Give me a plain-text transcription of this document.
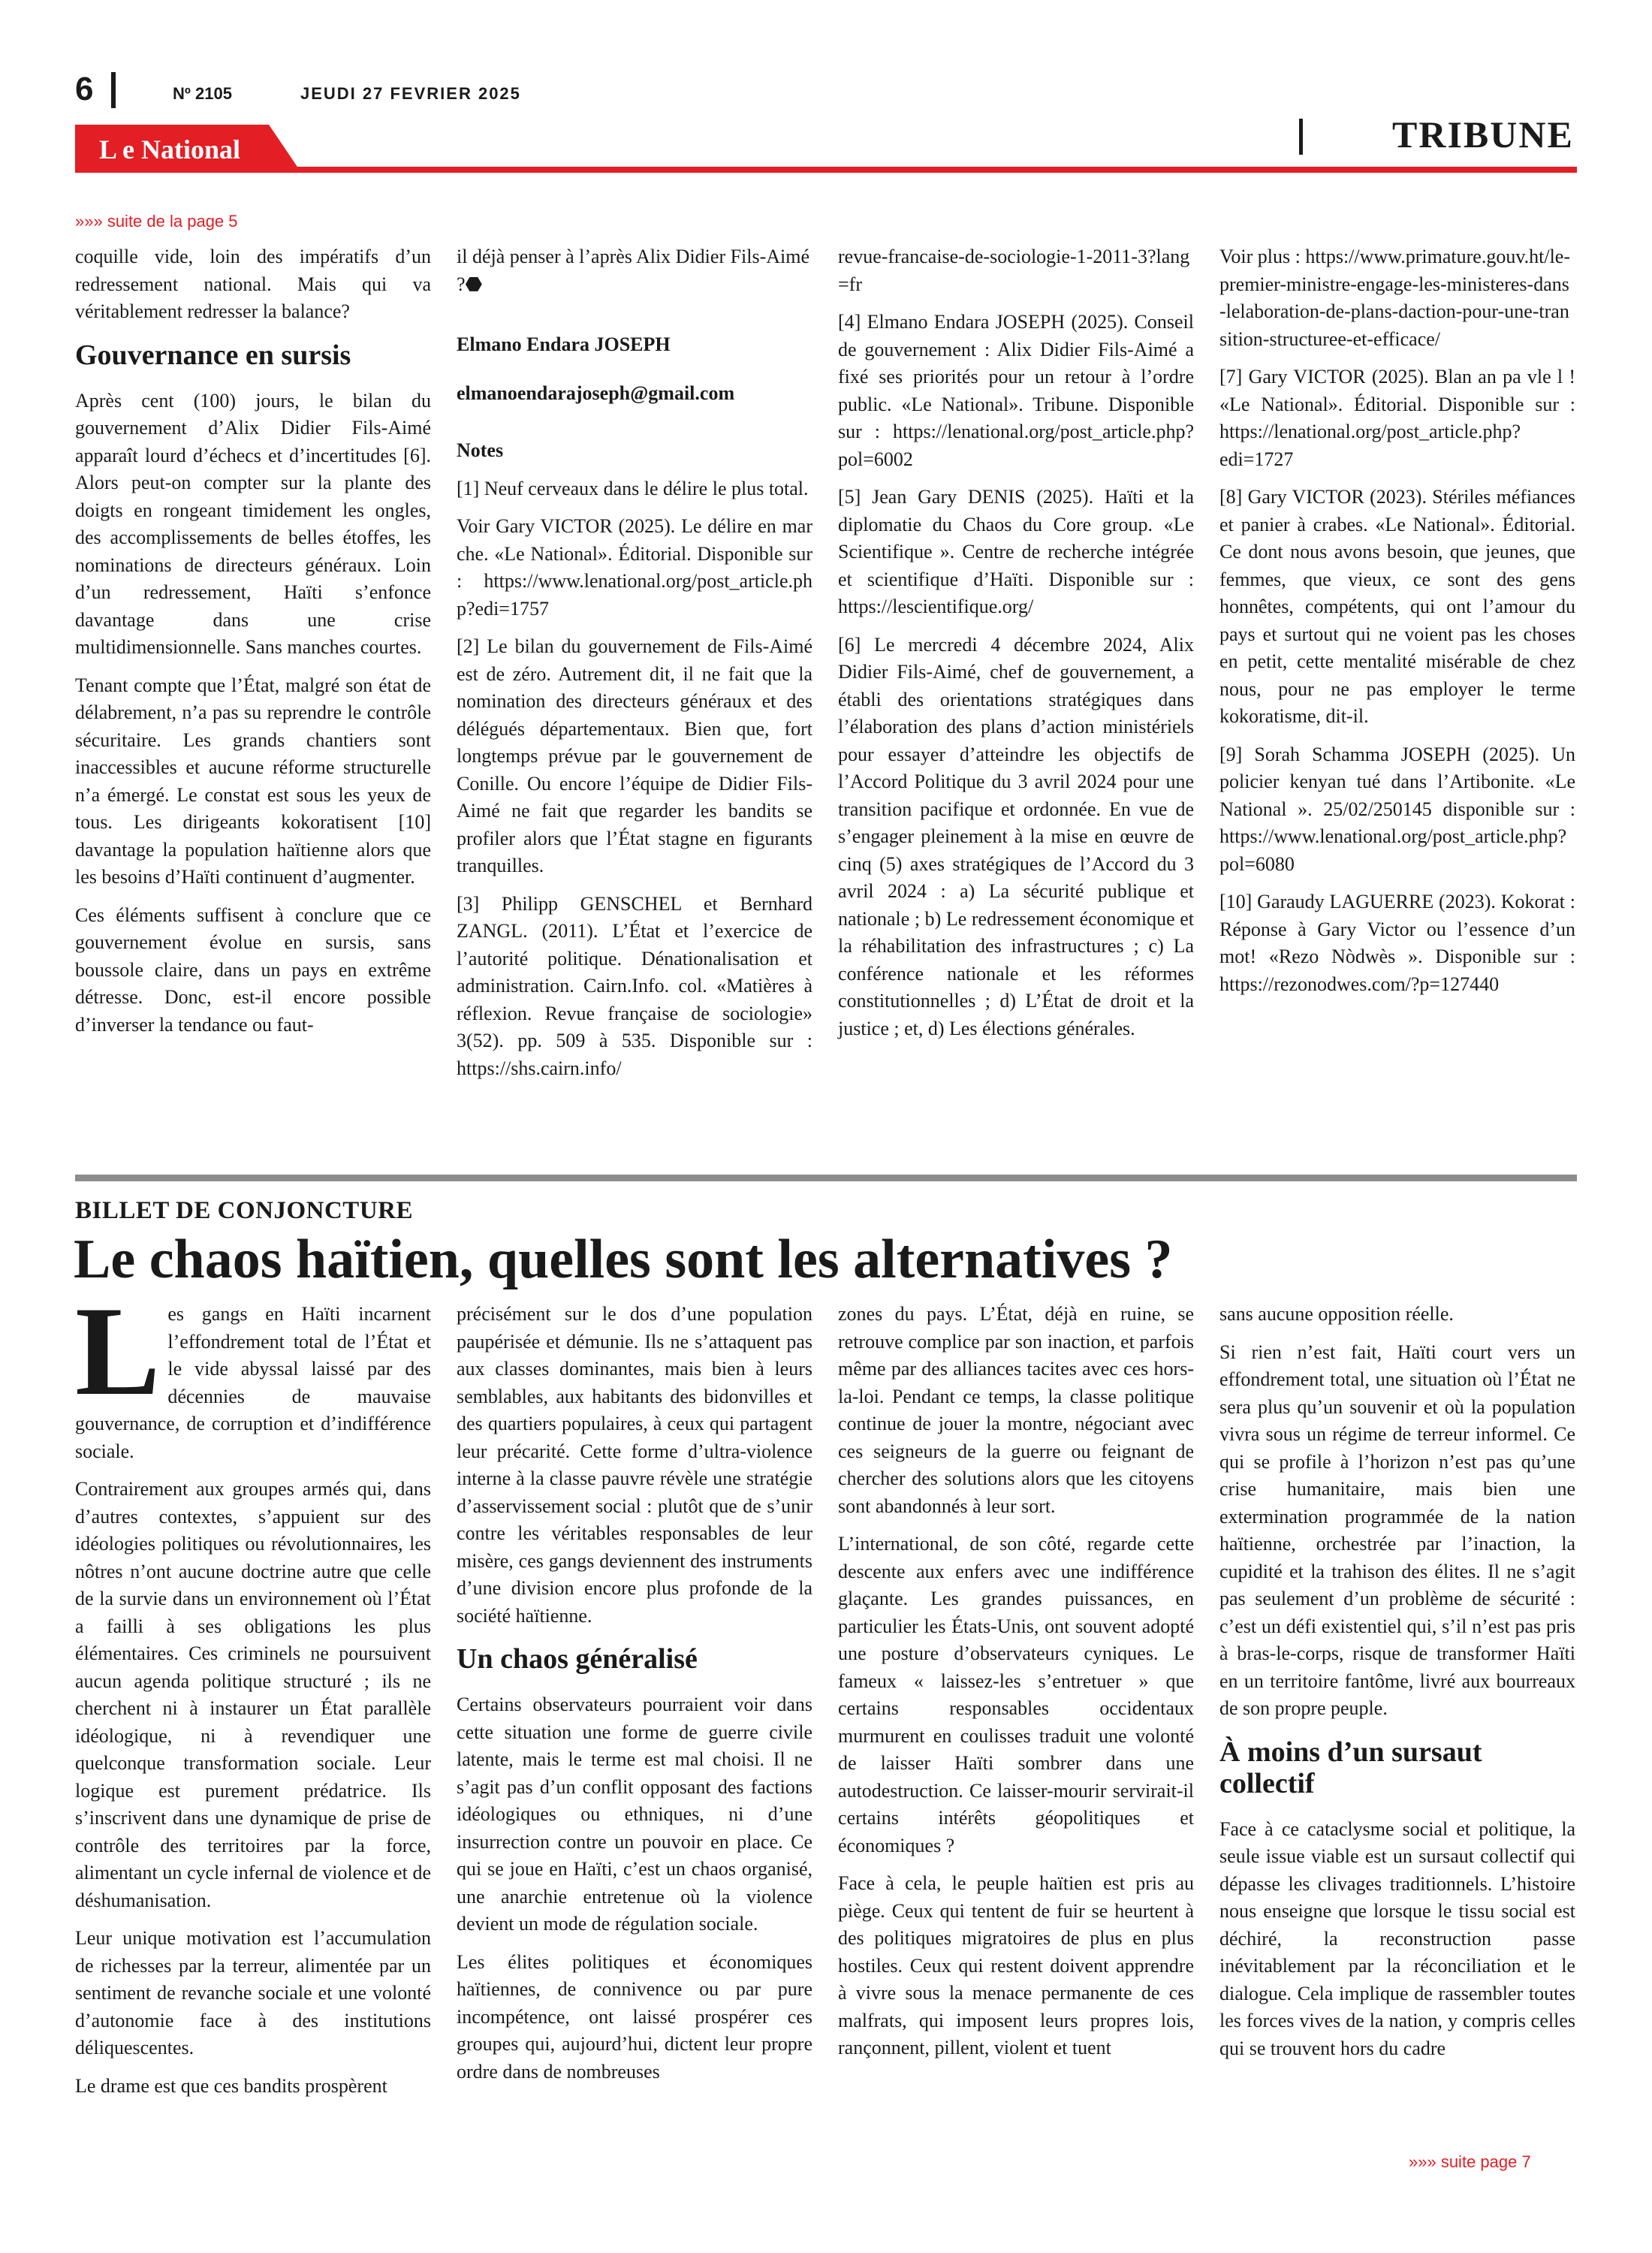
6	Nº 2105	JEUDI 27 FEVRIER 2025
L e National	TRIBUNE
»»» suite de la page 5

coquille vide, loin des impératifs d’un redressement national. Mais qui va véritablement redresser la balance?

Gouvernance en sursis

Après cent (100) jours, le bilan du gouvernement d’Alix Didier Fils-Aimé apparaît lourd d’échecs et d’incertitudes [6]. Alors peut-on compter sur la plante des doigts en rongeant timidement les ongles, des accomplissements de belles étoffes, les nominations de directeurs généraux. Loin d’un redressement, Haïti s’enfonce davantage dans une crise multidimensionnelle. Sans manches courtes.

Tenant compte que l’État, malgré son état de délabrement, n’a pas su reprendre le contrôle sécuritaire. Les grands chantiers sont inaccessibles et aucune réforme structurelle n’a émergé. Le constat est sous les yeux de tous. Les dirigeants kokoratisent [10] davantage la population haïtienne alors que les besoins d’Haïti continuent d’augmenter.

Ces éléments suffisent à conclure que ce gouvernement évolue en sursis, sans boussole claire, dans un pays en extrême détresse. Donc, est-il encore possible d’inverser la tendance ou faut-

il déjà penser à l’après Alix Didier Fils-Aimé ?⬣

Elmano Endara JOSEPH

elmanoendarajoseph@gmail.com

Notes

[1] Neuf cerveaux dans le délire le plus total.

Voir Gary VICTOR (2025). Le délire en marche. «Le National». Éditorial. Disponible sur : https://www.lenational.org/post_article.php?edi=1757

[2] Le bilan du gouvernement de Fils-Aimé est de zéro. Autrement dit, il ne fait que la nomination des directeurs généraux et des délégués départementaux. Bien que, fort longtemps prévue par le gouvernement de Conille. Ou encore l’équipe de Didier Fils-Aimé ne fait que regarder les bandits se profiler alors que l’État stagne en figurants tranquilles.

[3] Philipp GENSCHEL et Bernhard ZANGL. (2011). L’État et l’exercice de l’autorité politique. Dénationalisation et administration. Cairn.Info. col. «Matières à réflexion. Revue française de sociologie» 3(52). pp. 509 à 535. Disponible sur : https://shs.cairn.info/

revue-francaise-de-sociologie-1-2011-3?lang=fr

[4] Elmano Endara JOSEPH (2025). Conseil de gouvernement : Alix Didier Fils-Aimé a fixé ses priorités pour un retour à l’ordre public. «Le National». Tribune. Disponible sur : https://lenational.org/post_article.php?pol=6002

[5] Jean Gary DENIS (2025). Haïti et la diplomatie du Chaos du Core group. «Le Scientifique ». Centre de recherche intégrée et scientifique d’Haïti. Disponible sur : https://lescientifique.org/

[6] Le mercredi 4 décembre 2024, Alix Didier Fils-Aimé, chef de gouvernement, a établi des orientations stratégiques dans l’élaboration des plans d’action ministériels pour essayer d’atteindre les objectifs de l’Accord Politique du 3 avril 2024 pour une transition pacifique et ordonnée. En vue de s’engager pleinement à la mise en œuvre de cinq (5) axes stratégiques de l’Accord du 3 avril 2024 : a) La sécurité publique et nationale ; b) Le redressement économique et la réhabilitation des infrastructures ; c) La conférence nationale et les réformes constitutionnelles ; d) L’État de droit et la justice ; et, d) Les élections générales.

Voir plus : https://www.primature.gouv.ht/le-premier-ministre-engage-les-ministeres-dans-lelaboration-de-plans-daction-pour-une-transition-structuree-et-efficace/

[7] Gary VICTOR (2025). Blan an pa vle l ! «Le National». Éditorial. Disponible sur : https://lenational.org/post_article.php?edi=1727

[8] Gary VICTOR (2023). Stériles méfiances et panier à crabes. «Le National». Éditorial. Ce dont nous avons besoin, que jeunes, que femmes, que vieux, ce sont des gens honnêtes, compétents, qui ont l’amour du pays et surtout qui ne voient pas les choses en petit, cette mentalité misérable de chez nous, pour ne pas employer le terme kokoratisme, dit-il.

[9] Sorah Schamma JOSEPH (2025). Un policier kenyan tué dans l’Artibonite. «Le National ». 25/02/250145 disponible sur : https://www.lenational.org/post_article.php?pol=6080

[10] Garaudy LAGUERRE (2023). Kokorat : Réponse à Gary Victor ou l’essence d’un mot! «Rezo Nòdwès ». Disponible sur : https://rezonodwes.com/?p=127440

BILLET DE CONJONCTURE
Le chaos haïtien, quelles sont les alternatives ?

Les gangs en Haïti incarnent l’effondrement total de l’État et le vide abyssal laissé par des décennies de mauvaise gouvernance, de corruption et d’indifférence sociale.

Contrairement aux groupes armés qui, dans d’autres contextes, s’appuient sur des idéologies politiques ou révolutionnaires, les nôtres n’ont aucune doctrine autre que celle de la survie dans un environnement où l’État a failli à ses obligations les plus élémentaires. Ces criminels ne poursuivent aucun agenda politique structuré ; ils ne cherchent ni à instaurer un État parallèle idéologique, ni à revendiquer une quelconque transformation sociale. Leur logique est purement prédatrice. Ils s’inscrivent dans une dynamique de prise de contrôle des territoires par la force, alimentant un cycle infernal de violence et de déshumanisation.

Leur unique motivation est l’accumulation de richesses par la terreur, alimentée par un sentiment de revanche sociale et une volonté d’autonomie face à des institutions déliquescentes.

Le drame est que ces bandits prospèrent

précisément sur le dos d’une population paupérisée et démunie. Ils ne s’attaquent pas aux classes dominantes, mais bien à leurs semblables, aux habitants des bidonvilles et des quartiers populaires, à ceux qui partagent leur précarité. Cette forme d’ultra-violence interne à la classe pauvre révèle une stratégie d’asservissement social : plutôt que de s’unir contre les véritables responsables de leur misère, ces gangs deviennent des instruments d’une division encore plus profonde de la société haïtienne.

Un chaos généralisé

Certains observateurs pourraient voir dans cette situation une forme de guerre civile latente, mais le terme est mal choisi. Il ne s’agit pas d’un conflit opposant des factions idéologiques ou ethniques, ni d’une insurrection contre un pouvoir en place. Ce qui se joue en Haïti, c’est un chaos organisé, une anarchie entretenue où la violence devient un mode de régulation sociale.

Les élites politiques et économiques haïtiennes, de connivence ou par pure incompétence, ont laissé prospérer ces groupes qui, aujourd’hui, dictent leur propre ordre dans de nombreuses

zones du pays. L’État, déjà en ruine, se retrouve complice par son inaction, et parfois même par des alliances tacites avec ces hors-la-loi. Pendant ce temps, la classe politique continue de jouer la montre, négociant avec ces seigneurs de la guerre ou feignant de chercher des solutions alors que les citoyens sont abandonnés à leur sort.

L’international, de son côté, regarde cette descente aux enfers avec une indifférence glaçante. Les grandes puissances, en particulier les États-Unis, ont souvent adopté une posture d’observateurs cyniques. Le fameux « laissez-les s’entretuer » que certains responsables occidentaux murmurent en coulisses traduit une volonté de laisser Haïti sombrer dans une autodestruction. Ce laisser-mourir servirait-il certains intérêts géopolitiques et économiques ?

Face à cela, le peuple haïtien est pris au piège. Ceux qui tentent de fuir se heurtent à des politiques migratoires de plus en plus hostiles. Ceux qui restent doivent apprendre à vivre sous la menace permanente de ces malfrats, qui imposent leurs propres lois, rançonnent, pillent, violent et tuent

sans aucune opposition réelle.

Si rien n’est fait, Haïti court vers un effondrement total, une situation où l’État ne sera plus qu’un souvenir et où la population vivra sous un régime de terreur informel. Ce qui se profile à l’horizon n’est pas qu’une crise humanitaire, mais bien une extermination programmée de la nation haïtienne, orchestrée par l’inaction, la cupidité et la trahison des élites. Il ne s’agit pas seulement d’un problème de sécurité : c’est un défi existentiel qui, s’il n’est pas pris à bras-le-corps, risque de transformer Haïti en un territoire fantôme, livré aux bourreaux de son propre peuple.

À moins d’un sursaut collectif

Face à ce cataclysme social et politique, la seule issue viable est un sursaut collectif qui dépasse les clivages traditionnels. L’histoire nous enseigne que lorsque le tissu social est déchiré, la reconstruction passe inévitablement par la réconciliation et le dialogue. Cela implique de rassembler toutes les forces vives de la nation, y compris celles qui se trouvent hors du cadre

»»» suite page 7
